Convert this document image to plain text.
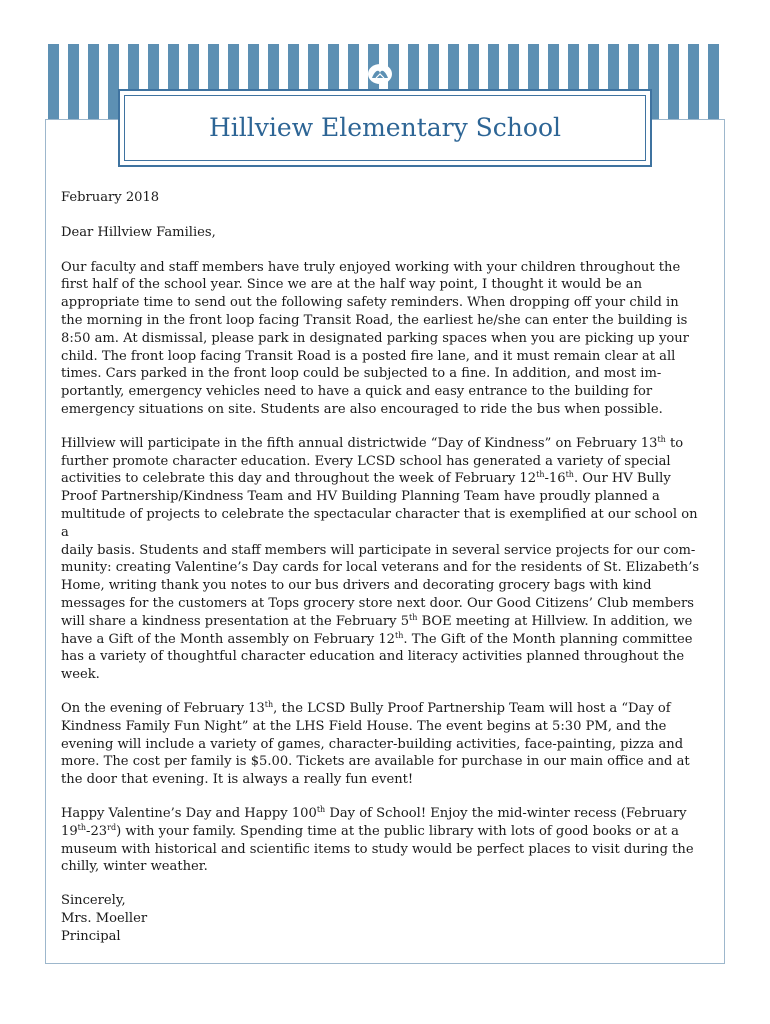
Hillview Elementary School

February 2018

Dear Hillview Families,

Our faculty and staff members have truly enjoyed working with your children throughout the
first half of the school year. Since we are at the half way point, I thought it would be an
appropriate time to send out the following safety reminders. When dropping off your child in
the morning in the front loop facing Transit Road, the earliest he/she can enter the building is
8:50 am. At dismissal, please park in designated parking spaces when you are picking up your
child. The front loop facing Transit Road is a posted fire lane, and it must remain clear at all
times. Cars parked in the front loop could be subjected to a fine. In addition, and most im-
portantly, emergency vehicles need to have a quick and easy entrance to the building for
emergency situations on site. Students are also encouraged to ride the bus when possible.

Hillview will participate in the fifth annual districtwide “Day of Kindness” on February 13th to
further promote character education. Every LCSD school has generated a variety of special
activities to celebrate this day and throughout the week of February 12th-16th. Our HV Bully
Proof Partnership/Kindness Team and HV Building Planning Team have proudly planned a
multitude of projects to celebrate the spectacular character that is exemplified at our school on a
daily basis. Students and staff members will participate in several service projects for our com-
munity: creating Valentine’s Day cards for local veterans and for the residents of St. Elizabeth’s
Home, writing thank you notes to our bus drivers and decorating grocery bags with kind
messages for the customers at Tops grocery store next door. Our Good Citizens’ Club members
will share a kindness presentation at the February 5th BOE meeting at Hillview. In addition, we
have a Gift of the Month assembly on February 12th. The Gift of the Month planning committee
has a variety of thoughtful character education and literacy activities planned throughout the
week.

On the evening of February 13th, the LCSD Bully Proof Partnership Team will host a “Day of
Kindness Family Fun Night” at the LHS Field House. The event begins at 5:30 PM, and the
evening will include a variety of games, character-building activities, face-painting, pizza and
more. The cost per family is $5.00. Tickets are available for purchase in our main office and at
the door that evening. It is always a really fun event!

Happy Valentine’s Day and Happy 100th Day of School! Enjoy the mid-winter recess (February
19th-23rd) with your family. Spending time at the public library with lots of good books or at a
museum with historical and scientific items to study would be perfect places to visit during the
chilly, winter weather.

Sincerely,
Mrs. Moeller
Principal
